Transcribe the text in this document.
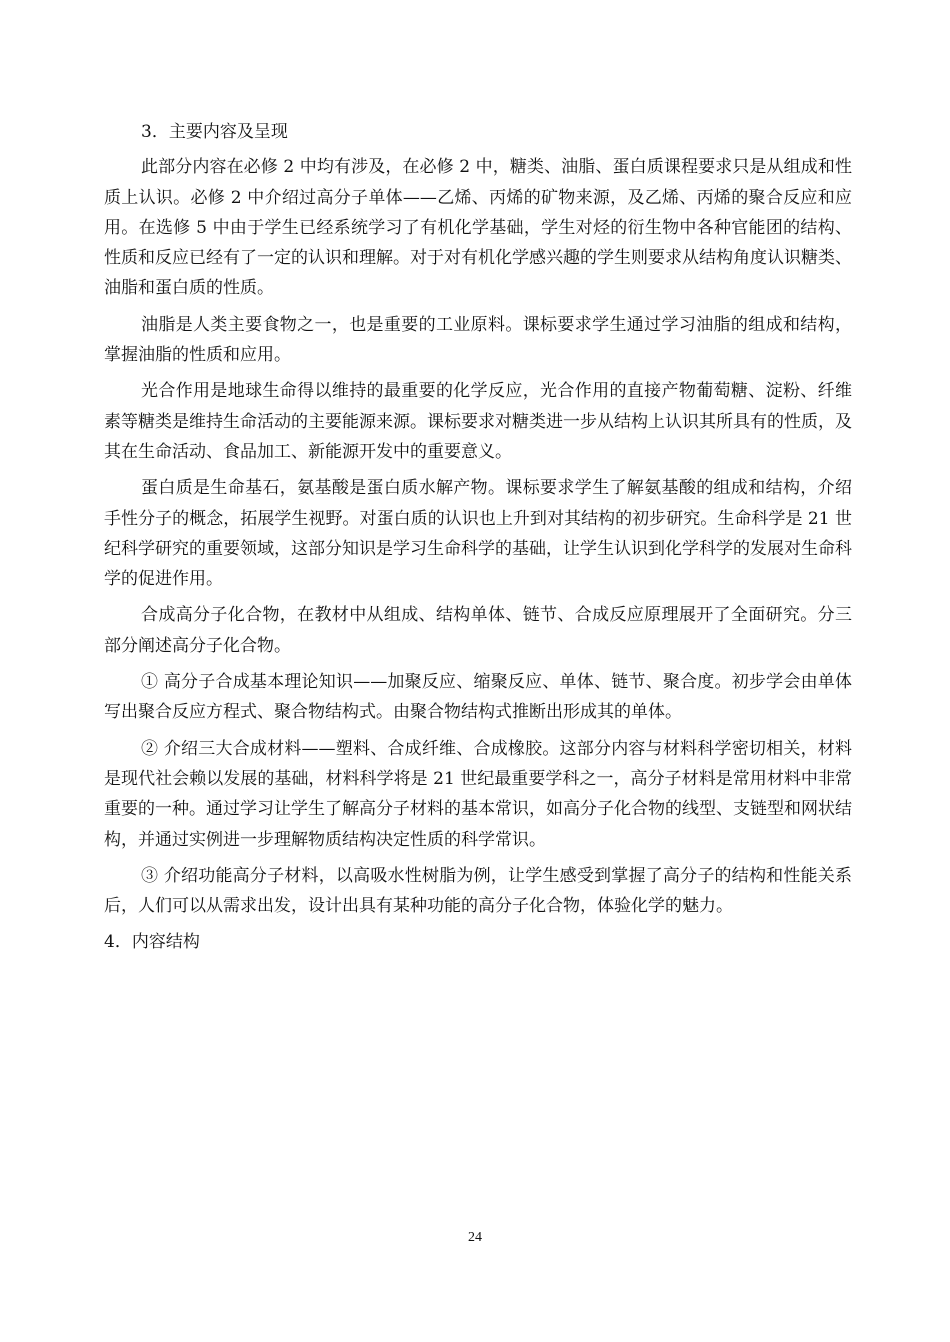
3．主要内容及呈现

此部分内容在必修 2 中均有涉及，在必修 2 中，糖类、油脂、蛋白质课程要求只是从组成和性质上认识。必修 2 中介绍过高分子单体——乙烯、丙烯的矿物来源，及乙烯、丙烯的聚合反应和应用。在选修 5 中由于学生已经系统学习了有机化学基础，学生对烃的衍生物中各种官能团的结构、性质和反应已经有了一定的认识和理解。对于对有机化学感兴趣的学生则要求从结构角度认识糖类、油脂和蛋白质的性质。

油脂是人类主要食物之一，也是重要的工业原料。课标要求学生通过学习油脂的组成和结构，掌握油脂的性质和应用。

光合作用是地球生命得以维持的最重要的化学反应，光合作用的直接产物葡萄糖、淀粉、纤维素等糖类是维持生命活动的主要能源来源。课标要求对糖类进一步从结构上认识其所具有的性质，及其在生命活动、食品加工、新能源开发中的重要意义。

蛋白质是生命基石，氨基酸是蛋白质水解产物。课标要求学生了解氨基酸的组成和结构，介绍手性分子的概念，拓展学生视野。对蛋白质的认识也上升到对其结构的初步研究。生命科学是 21 世纪科学研究的重要领域，这部分知识是学习生命科学的基础，让学生认识到化学科学的发展对生命科学的促进作用。

合成高分子化合物，在教材中从组成、结构单体、链节、合成反应原理展开了全面研究。分三部分阐述高分子化合物。

① 高分子合成基本理论知识——加聚反应、缩聚反应、单体、链节、聚合度。初步学会由单体写出聚合反应方程式、聚合物结构式。由聚合物结构式推断出形成其的单体。

② 介绍三大合成材料——塑料、合成纤维、合成橡胶。这部分内容与材料科学密切相关，材料是现代社会赖以发展的基础，材料科学将是 21 世纪最重要学科之一，高分子材料是常用材料中非常重要的一种。通过学习让学生了解高分子材料的基本常识，如高分子化合物的线型、支链型和网状结构，并通过实例进一步理解物质结构决定性质的科学常识。

③ 介绍功能高分子材料，以高吸水性树脂为例，让学生感受到掌握了高分子的结构和性能关系后，人们可以从需求出发，设计出具有某种功能的高分子化合物，体验化学的魅力。

4．内容结构

24
